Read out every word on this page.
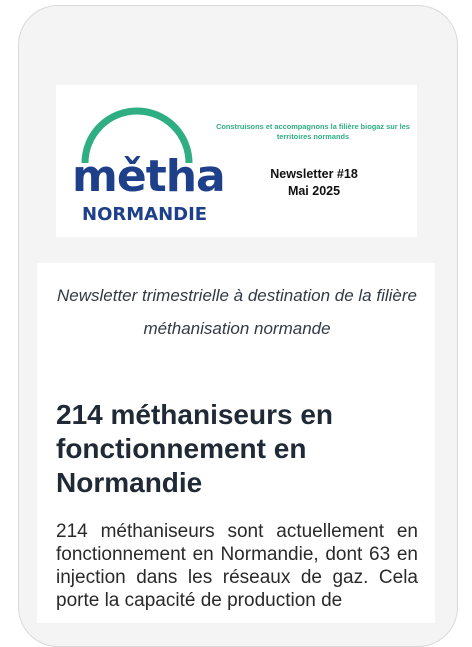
mětha
NORMANDIE
Construisons et accompagnons la filière biogaz sur les territoires normands
Newsletter #18
Mai 2025
Newsletter trimestrielle à destination de la filière méthanisation normande
214 méthaniseurs en fonctionnement en Normandie
214 méthaniseurs sont actuellement en fonctionnement en Normandie, dont 63 en injection dans les réseaux de gaz. Cela porte la capacité de production de
